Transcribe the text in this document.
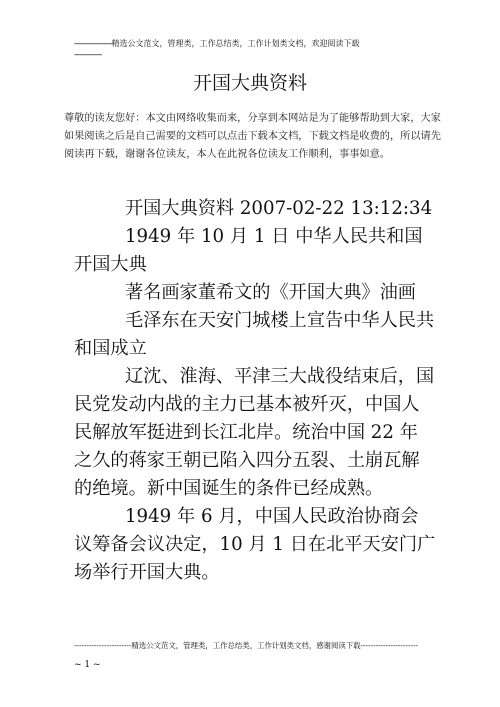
----------------------精选公文范文，管理类，工作总结类，工作计划类文档，欢迎阅读下载
----------------
开国大典资料
尊敬的读友您好：本文由网络收集而来，分享到本网站是为了能够帮助到大家，大家如果阅读之后是自己需要的文档可以点击下载本文档，下载文档是收费的，所以请先阅读再下载，谢谢各位读友，本人在此祝各位读友工作顺利，事事如意。

开国大典资料 2007-02-22 13:12:34

1949 年 10 月 1 日 中华人民共和国开国大典

著名画家董希文的《开国大典》油画

毛泽东在天安门城楼上宣告中华人民共和国成立

辽沈、淮海、平津三大战役结束后，国民党发动内战的主力已基本被歼灭，中国人民解放军挺进到长江北岸。统治中国 22 年之久的蒋家王朝已陷入四分五裂、土崩瓦解的绝境。新中国诞生的条件已经成熟。

1949 年 6 月，中国人民政治协商会议筹备会议决定，10 月 1 日在北平天安门广场举行开国大典。

-----------------------精选公文范文，管理类，工作总结类，工作计划类文档，感谢阅读下载-----------------------
~ 1 ~
